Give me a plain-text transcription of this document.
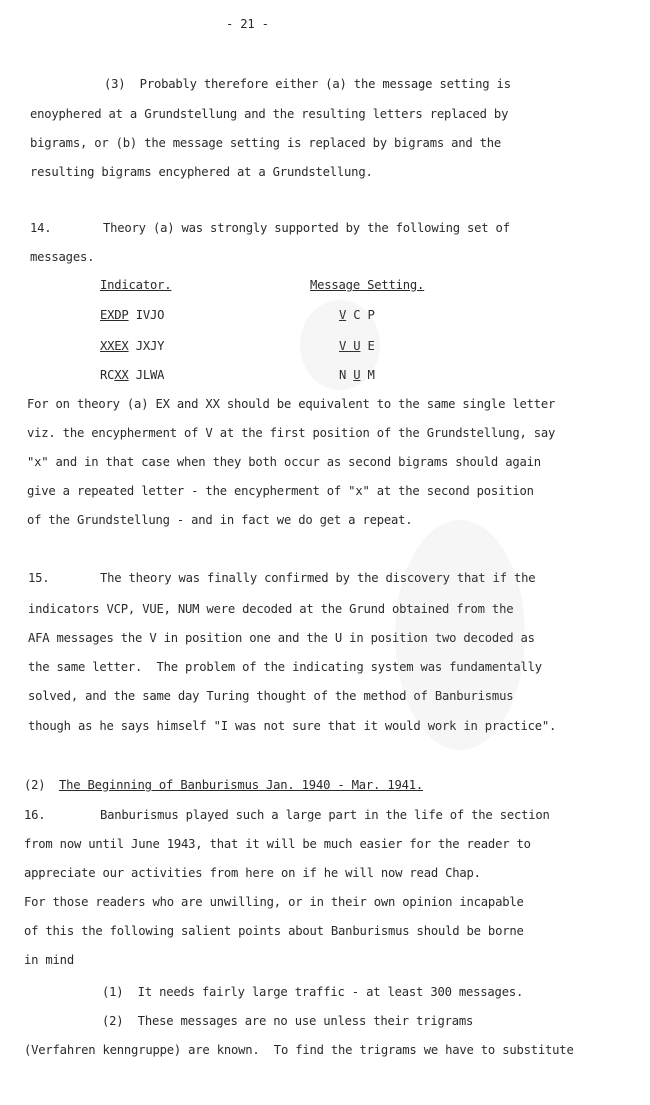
- 21 -
(3)  Probably therefore either (a) the message setting is
enoyphered at a Grundstellung and the resulting letters replaced by
bigrams, or (b) the message setting is replaced by bigrams and the
resulting bigrams encyphered at a Grundstellung.
14.	Theory (a) was strongly supported by the following set of
messages.
Indicator.	Message Setting.
EXDP IVJO	V C P
XXEX JXJY	V U E
RCXX JLWA	N U M
For on theory (a) EX and XX should be equivalent to the same single letter
viz. the encypherment of V at the first position of the Grundstellung, say
"x" and in that case when they both occur as second bigrams should again
give a repeated letter - the encypherment of "x" at the second position
of the Grundstellung - and in fact we do get a repeat.
15.	The theory was finally confirmed by the discovery that if the
indicators VCP, VUE, NUM were decoded at the Grund obtained from the
AFA messages the V in position one and the U in position two decoded as
the same letter.  The problem of the indicating system was fundamentally
solved, and the same day Turing thought of the method of Banburismus
though as he says himself "I was not sure that it would work in practice".
(2) The Beginning of Banburismus Jan. 1940 - Mar. 1941.
16.	Banburismus played such a large part in the life of the section
from now until June 1943, that it will be much easier for the reader to
appreciate our activities from here on if he will now read Chap.
For those readers who are unwilling, or in their own opinion incapable
of this the following salient points about Banburismus should be borne
in mind
(1)  It needs fairly large traffic - at least 300 messages.
(2)  These messages are no use unless their trigrams
(Verfahren kenngruppe) are known.  To find the trigrams we have to substitute
